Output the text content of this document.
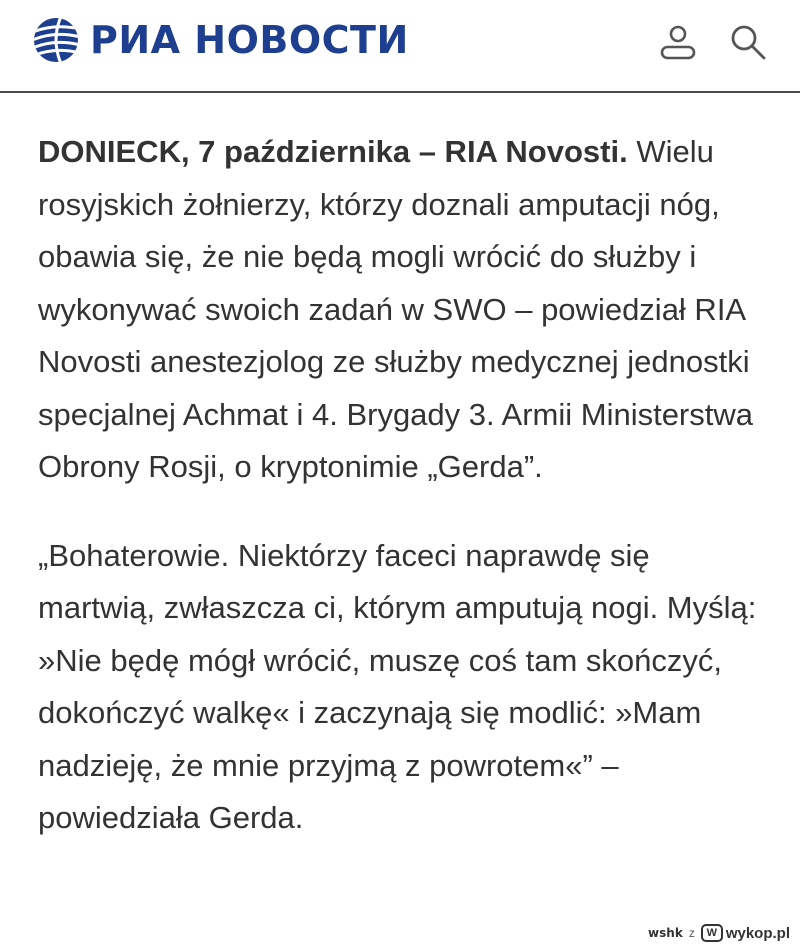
РИА НОВОСТИ

DONIECK, 7 października – RIA Novosti. Wielu rosyjskich żołnierzy, którzy doznali amputacji nóg, obawia się, że nie będą mogli wrócić do służby i wykonywać swoich zadań w SWO – powiedział RIA Novosti anestezjolog ze służby medycznej jednostki specjalnej Achmat i 4. Brygady 3. Armii Ministerstwa Obrony Rosji, o kryptonimie „Gerda”.

„Bohaterowie. Niektórzy faceci naprawdę się martwią, zwłaszcza ci, którym amputują nogi. Myślą: »Nie będę mógł wrócić, muszę coś tam skończyć, dokończyć walkę« i zaczynają się modlić: »Mam nadzieję, że mnie przyjmą z powrotem«” – powiedziała Gerda.

wshk z	W wykop.pl
